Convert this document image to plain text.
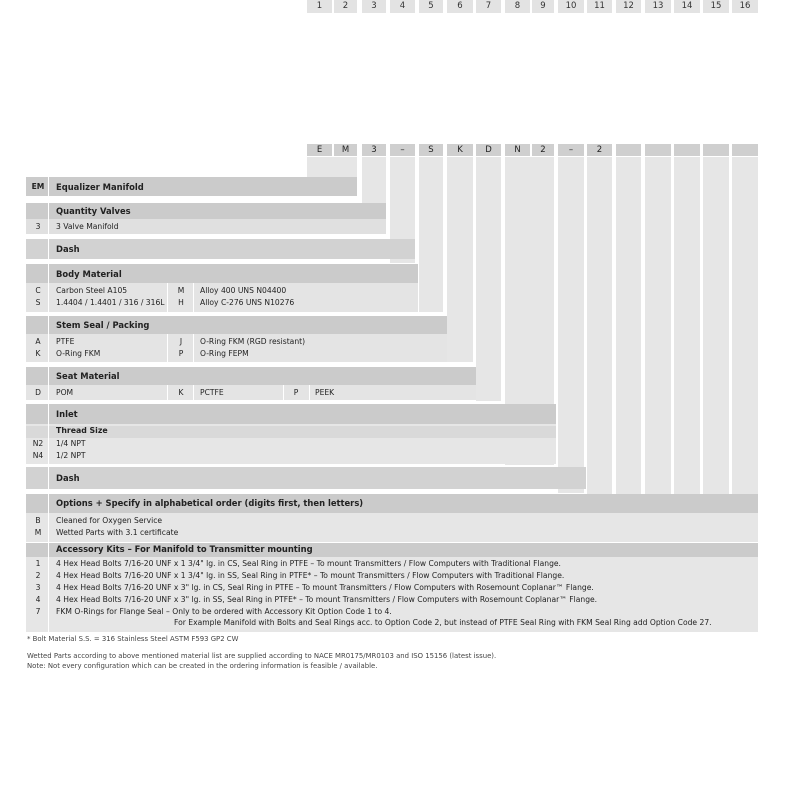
1	2	3	4	5	6	7	8	9	10	11	12	13	14	15	16
E	M	3	–	S	K	D	N	2	–	2
EM	Equalizer Manifold
Quantity Valves
3	3 Valve Manifold
Dash
Body Material
C	Carbon Steel A105	M	Alloy 400 UNS N04400
S	1.4404 / 1.4401 / 316 / 316L	H	Alloy C-276 UNS N10276
Stem Seal / Packing
A	PTFE	J	O-Ring FKM (RGD resistant)
K	O-Ring FKM	P	O-Ring FEPM
Seat Material
D	POM	K	PCTFE	P	PEEK
Inlet
Thread Size
N2	1/4 NPT
N4	1/2 NPT
Dash
Options + Specify in alphabetical order (digits first, then letters)
B	Cleaned for Oxygen Service
M	Wetted Parts with 3.1 certificate
Accessory Kits – For Manifold to Transmitter mounting
1	4 Hex Head Bolts 7/16-20 UNF x 1 3/4" lg. in CS, Seal Ring in PTFE – To mount Transmitters / Flow Computers with Traditional Flange.
2	4 Hex Head Bolts 7/16-20 UNF x 1 3/4" lg. in SS, Seal Ring in PTFE* – To mount Transmitters / Flow Computers with Traditional Flange.
3	4 Hex Head Bolts 7/16-20 UNF x 3" lg. in CS, Seal Ring in PTFE – To mount Transmitters / Flow Computers with Rosemount Coplanar™ Flange.
4	4 Hex Head Bolts 7/16-20 UNF x 3" lg. in SS, Seal Ring in PTFE* – To mount Transmitters / Flow Computers with Rosemount Coplanar™ Flange.
7	FKM O-Rings for Flange Seal – Only to be ordered with Accessory Kit Option Code 1 to 4.
For Example Manifold with Bolts and Seal Rings acc. to Option Code 2, but instead of PTFE Seal Ring with FKM Seal Ring add Option Code 27.
* Bolt Material S.S. = 316 Stainless Steel ASTM F593 GP2 CW
Wetted Parts according to above mentioned material list are supplied according to NACE MR0175/MR0103 and ISO 15156 (latest issue).
Note: Not every configuration which can be created in the ordering information is feasible / available.
